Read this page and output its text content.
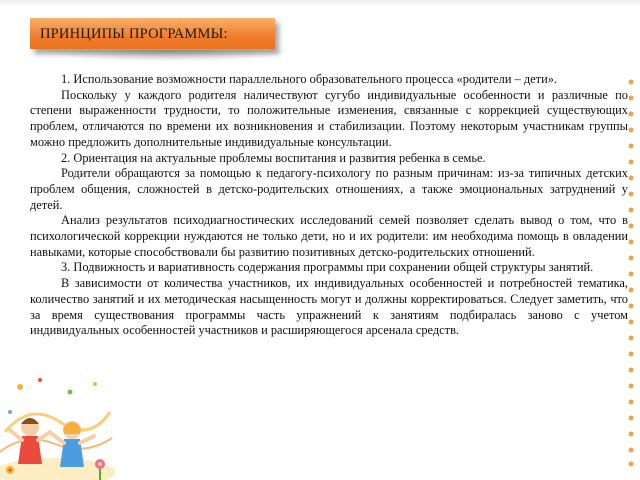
ПРИНЦИПЫ ПРОГРАММЫ:

1. Использование возможности параллельного образовательного процесса «родители – дети».

Поскольку у каждого родителя наличествуют сугубо индивидуальные особенности и различные по степени выраженности трудности, то положительные изменения, связанные с коррекцией существующих проблем, отличаются по времени их возникновения и стабилизации. Поэтому некоторым участникам группы можно предложить дополнительные индивидуальные консультации.

2. Ориентация на актуальные проблемы воспитания и развития ребенка в семье.

Родители обращаются за помощью к педагогу-психологу по разным причинам: из-за типичных детских проблем общения, сложностей в детско-родительских отношениях, а также эмоциональных затруднений у детей.

Анализ результатов психодиагностических исследований семей позволяет сделать вывод о том, что в психологической коррекции нуждаются не только дети, но и их родители: им необходима помощь в овладении навыками, которые способствовали бы развитию позитивных детско-родительских отношений.

3. Подвижность и вариативность содержания программы при сохранении общей структуры занятий.

В зависимости от количества участников, их индивидуальных особенностей и потребностей тематика, количество занятий и их методическая насыщенность могут и должны корректироваться. Следует заметить, что за время существования программы часть упражнений к занятиям подбиралась заново с учетом индивидуальных особенностей участников и расширяющегося арсенала средств.
